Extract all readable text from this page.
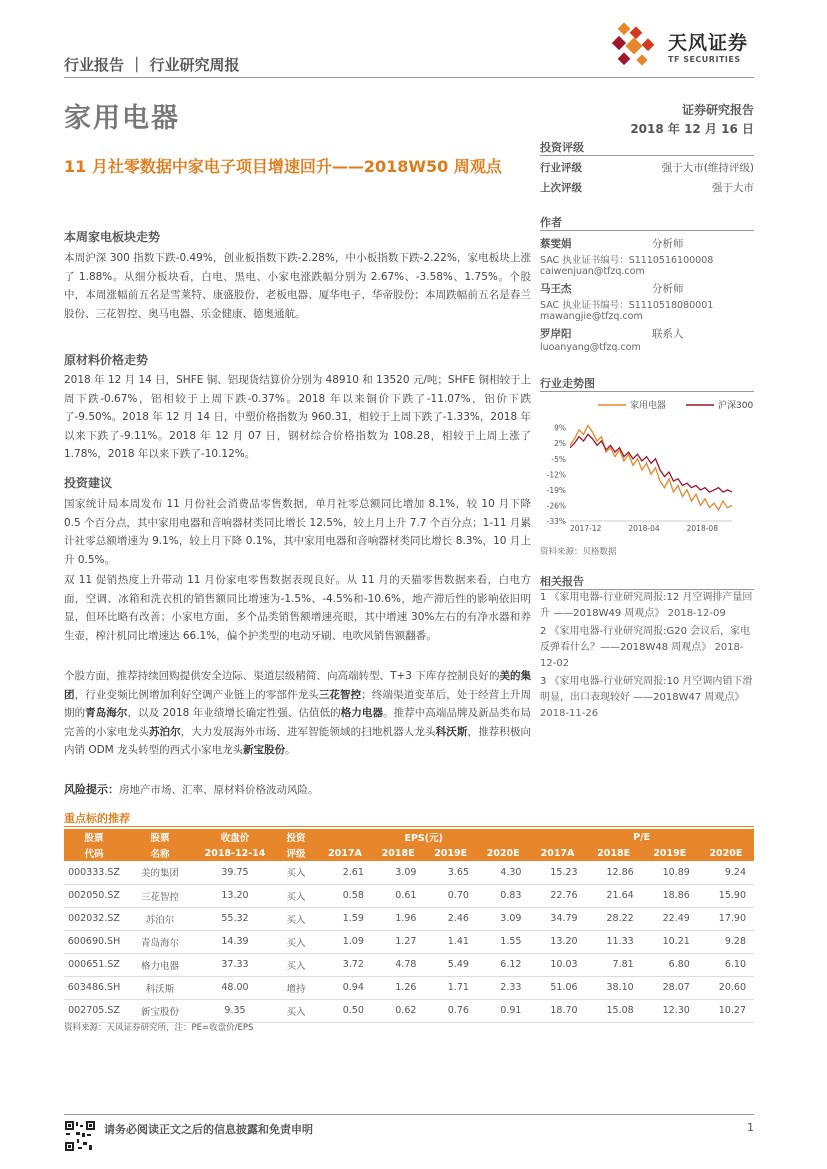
行业报告 ｜ 行业研究周报
天风证券
TF SECURITIES
家用电器	证券研究报告
2018 年 12 月 16 日
11 月社零数据中家电子项目增速回升——2018W50 周观点
本周家电板块走势
本周沪深 300 指数下跌-0.49%，创业板指数下跌-2.28%，中小板指数下跌-2.22%，家电板块上涨了 1.88%。从细分板块看，白电、黑电、小家电涨跌幅分别为 2.67%、-3.58%、1.75%。个股中，本周涨幅前五名是雪莱特、康盛股份、老板电器、厦华电子、华帝股份；本周跌幅前五名是春兰股份、三花智控、奥马电器、乐金健康、德奥通航。
原材料价格走势
2018 年 12 月 14 日，SHFE 铜、铝现货结算价分别为 48910 和 13520 元/吨；SHFE 铜相较于上周下跌-0.67%，铝相较于上周下跌-0.37%。2018 年以来铜价下跌了-11.07%，铝价下跌了-9.50%。2018 年 12 月 14 日，中塑价格指数为 960.31，相较于上周下跌了-1.33%，2018 年以来下跌了-9.11%。2018 年 12 月 07 日，钢材综合价格指数为 108.28，相较于上周上涨了 1.78%，2018 年以来下跌了-10.12%。
投资建议
国家统计局本周发布 11 月份社会消费品零售数据，单月社零总额同比增加 8.1%，较 10 月下降 0.5 个百分点，其中家用电器和音响器材类同比增长 12.5%，较上月上升 7.7 个百分点；1-11 月累计社零总额增速为 9.1%，较上月下降 0.1%，其中家用电器和音响器材类同比增长 8.3%，10 月上升 0.5%。
双 11 促销热度上升带动 11 月份家电零售数据表现良好。从 11 月的天猫零售数据来看，白电方面，空调、冰箱和洗衣机的销售额同比增速为-1.5%、-4.5%和-10.6%，地产滞后性的影响依旧明显，但环比略有改善；小家电方面，多个品类销售额增速亮眼，其中增速 30%左右的有净水器和养生壶，榨汁机同比增速达 66.1%，偏个护类型的电动牙刷、电吹风销售额翻番。
个股方面，推荐持续回购提供安全边际、渠道层级精简、向高端转型、T+3 下库存控制良好的美的集团，行业变频比例增加利好空调产业链上的零部件龙头三花智控；终端渠道变革后，处于经营上升周期的青岛海尔，以及 2018 年业绩增长确定性强、估值低的格力电器。推荐中高端品牌及新品类布局完善的小家电龙头苏泊尔，大力发展海外市场、进军智能领域的扫地机器人龙头科沃斯，推荐积极向内销 ODM 龙头转型的西式小家电龙头新宝股份。
风险提示：房地产市场、汇率、原材料价格波动风险。
投资评级
行业评级	强于大市(维持评级)
上次评级	强于大市
作者
蔡雯娟	分析师
SAC 执业证书编号：S1110516100008
caiwenjuan@tfzq.com
马王杰	分析师
SAC 执业证书编号：S1110518080001
mawangjie@tfzq.com
罗岸阳	联系人
luoanyang@tfzq.com
行业走势图
家用电器	沪深300
9%
2%
-5%
-12%
-19%
-26%
-33%
2017-12	2018-04	2018-08
资料来源：贝格数据
相关报告
1 《家用电器-行业研究周报:12 月空调排产量回升 ——2018W49 周观点》 2018-12-09
2 《家用电器-行业研究周报:G20 会议后，家电反弹看什么？——2018W48 周观点》 2018-12-02
3 《家用电器-行业研究周报:10 月空调内销下滑明显，出口表现较好 ——2018W47 周观点》 2018-11-26
重点标的推荐
股票	股票	收盘价	投资	EPS(元)				P/E			
代码	名称	2018-12-14	评级	2017A	2018E	2019E	2020E	2017A	2018E	2019E	2020E
000333.SZ	美的集团	39.75	买入	2.61	3.09	3.65	4.30	15.23	12.86	10.89	9.24
002050.SZ	三花智控	13.20	买入	0.58	0.61	0.70	0.83	22.76	21.64	18.86	15.90
002032.SZ	苏泊尔	55.32	买入	1.59	1.96	2.46	3.09	34.79	28.22	22.49	17.90
600690.SH	青岛海尔	14.39	买入	1.09	1.27	1.41	1.55	13.20	11.33	10.21	9.28
000651.SZ	格力电器	37.33	买入	3.72	4.78	5.49	6.12	10.03	7.81	6.80	6.10
603486.SH	科沃斯	48.00	增持	0.94	1.26	1.71	2.33	51.06	38.10	28.07	20.60
002705.SZ	新宝股份	9.35	买入	0.50	0.62	0.76	0.91	18.70	15.08	12.30	10.27
资料来源：天风证券研究所，注：PE=收盘价/EPS
请务必阅读正文之后的信息披露和免责申明	1
